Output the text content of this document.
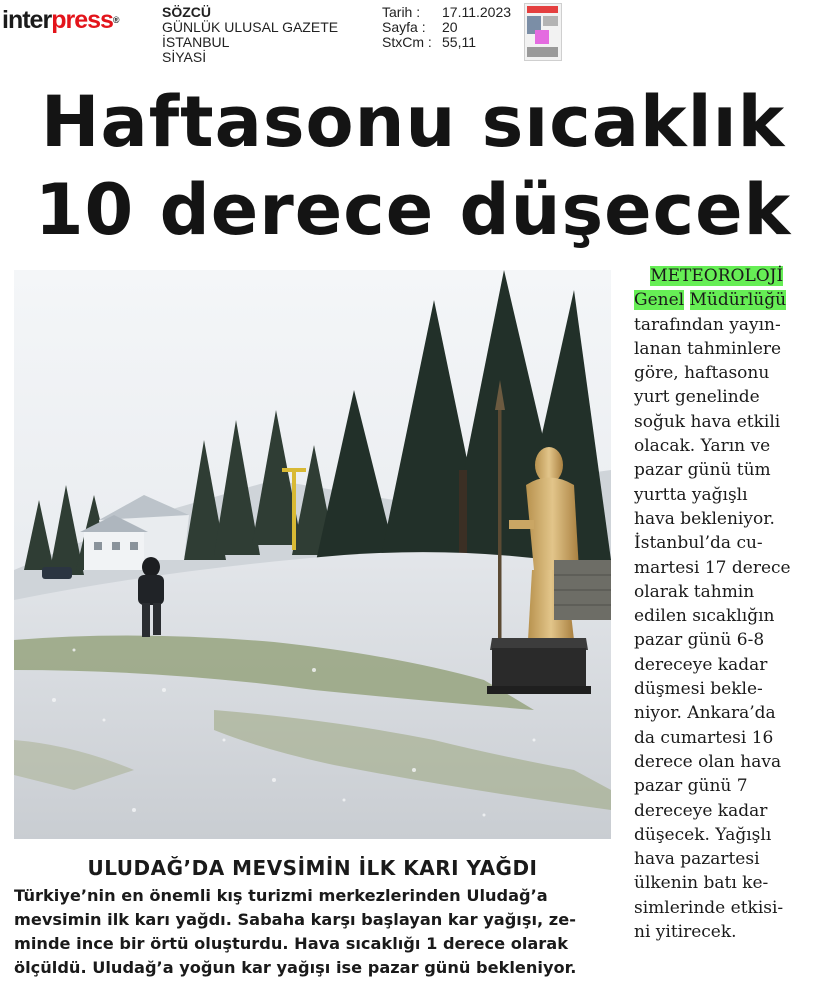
interpress®	SÖZCÜ
GÜNLÜK ULUSAL GAZETE
İSTANBUL
SİYASİ
Tarih :	17.11.2023
Sayfa :	20
StxCm : 55,11
Haftasonu sıcaklık
10 derece düşecek
ULUDAĞ’DA MEVSİMİN İLK KARI YAĞDI

Türkiye’nin en önemli kış turizmi merkezlerinden Uludağ’a
mevsimin ilk karı yağdı. Sabaha karşı başlayan kar yağışı, ze-
minde ince bir örtü oluşturdu. Hava sıcaklığı 1 derece olarak
ölçüldü. Uludağ’a yoğun kar yağışı ise pazar günü bekleniyor.

METEOROLOJİ
Genel Müdürlüğü
tarafından yayın-
lanan tahminlere
göre, haftasonu
yurt genelinde
soğuk hava etkili
olacak. Yarın ve
pazar günü tüm
yurtta yağışlı
hava bekleniyor.
İstanbul’da cu-
martesi 17 derece
olarak tahmin
edilen sıcaklığın
pazar günü 6-8
dereceye kadar
düşmesi bekle-
niyor. Ankara’da
da cumartesi 16
derece olan hava
pazar günü 7
dereceye kadar
düşecek. Yağışlı
hava pazartesi
ülkenin batı ke-
simlerinde etkisi-
ni yitirecek.
